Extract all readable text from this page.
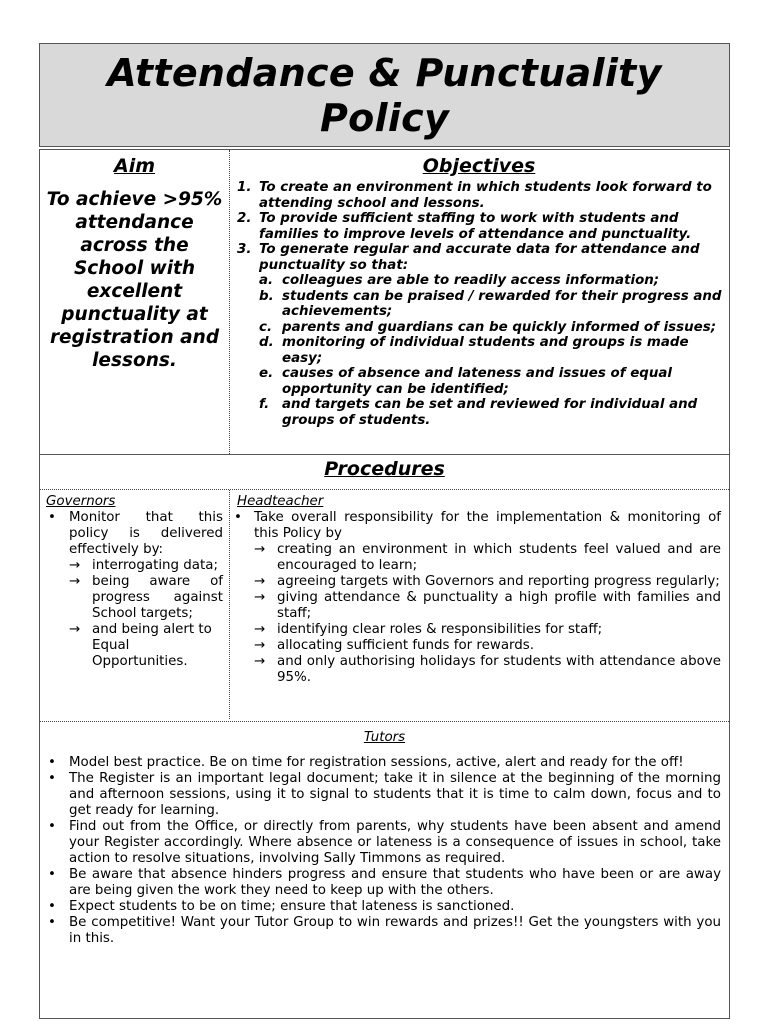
Attendance & Punctuality
Policy
Aim
To achieve >95% attendance across the School with excellent punctuality at registration and lessons.
Objectives
1. To create an environment in which students look forward to attending school and lessons.
2. To provide sufficient staffing to work with students and families to improve levels of attendance and punctuality.
3. To generate regular and accurate data for attendance and punctuality so that:
a. colleagues are able to readily access information;
b. students can be praised / rewarded for their progress and achievements;
c. parents and guardians can be quickly informed of issues;
d. monitoring of individual students and groups is made easy;
e. causes of absence and lateness and issues of equal opportunity can be identified;
f. and targets can be set and reviewed for individual and groups of students.
Procedures
Governors
• Monitor that this policy is delivered effectively by:
→ interrogating data;
→ being aware of progress against School targets;
→ and being alert to Equal Opportunities.
Headteacher
• Take overall responsibility for the implementation & monitoring of this Policy by
→ creating an environment in which students feel valued and are encouraged to learn;
→ agreeing targets with Governors and reporting progress regularly;
→ giving attendance & punctuality a high profile with families and staff;
→ identifying clear roles & responsibilities for staff;
→ allocating sufficient funds for rewards.
→ and only authorising holidays for students with attendance above 95%.
Tutors
• Model best practice. Be on time for registration sessions, active, alert and ready for the off!
• The Register is an important legal document; take it in silence at the beginning of the morning and afternoon sessions, using it to signal to students that it is time to calm down, focus and to get ready for learning.
• Find out from the Office, or directly from parents, why students have been absent and amend your Register accordingly. Where absence or lateness is a consequence of issues in school, take action to resolve situations, involving Sally Timmons as required.
• Be aware that absence hinders progress and ensure that students who have been or are away are being given the work they need to keep up with the others.
• Expect students to be on time; ensure that lateness is sanctioned.
• Be competitive! Want your Tutor Group to win rewards and prizes!! Get the youngsters with you in this.
